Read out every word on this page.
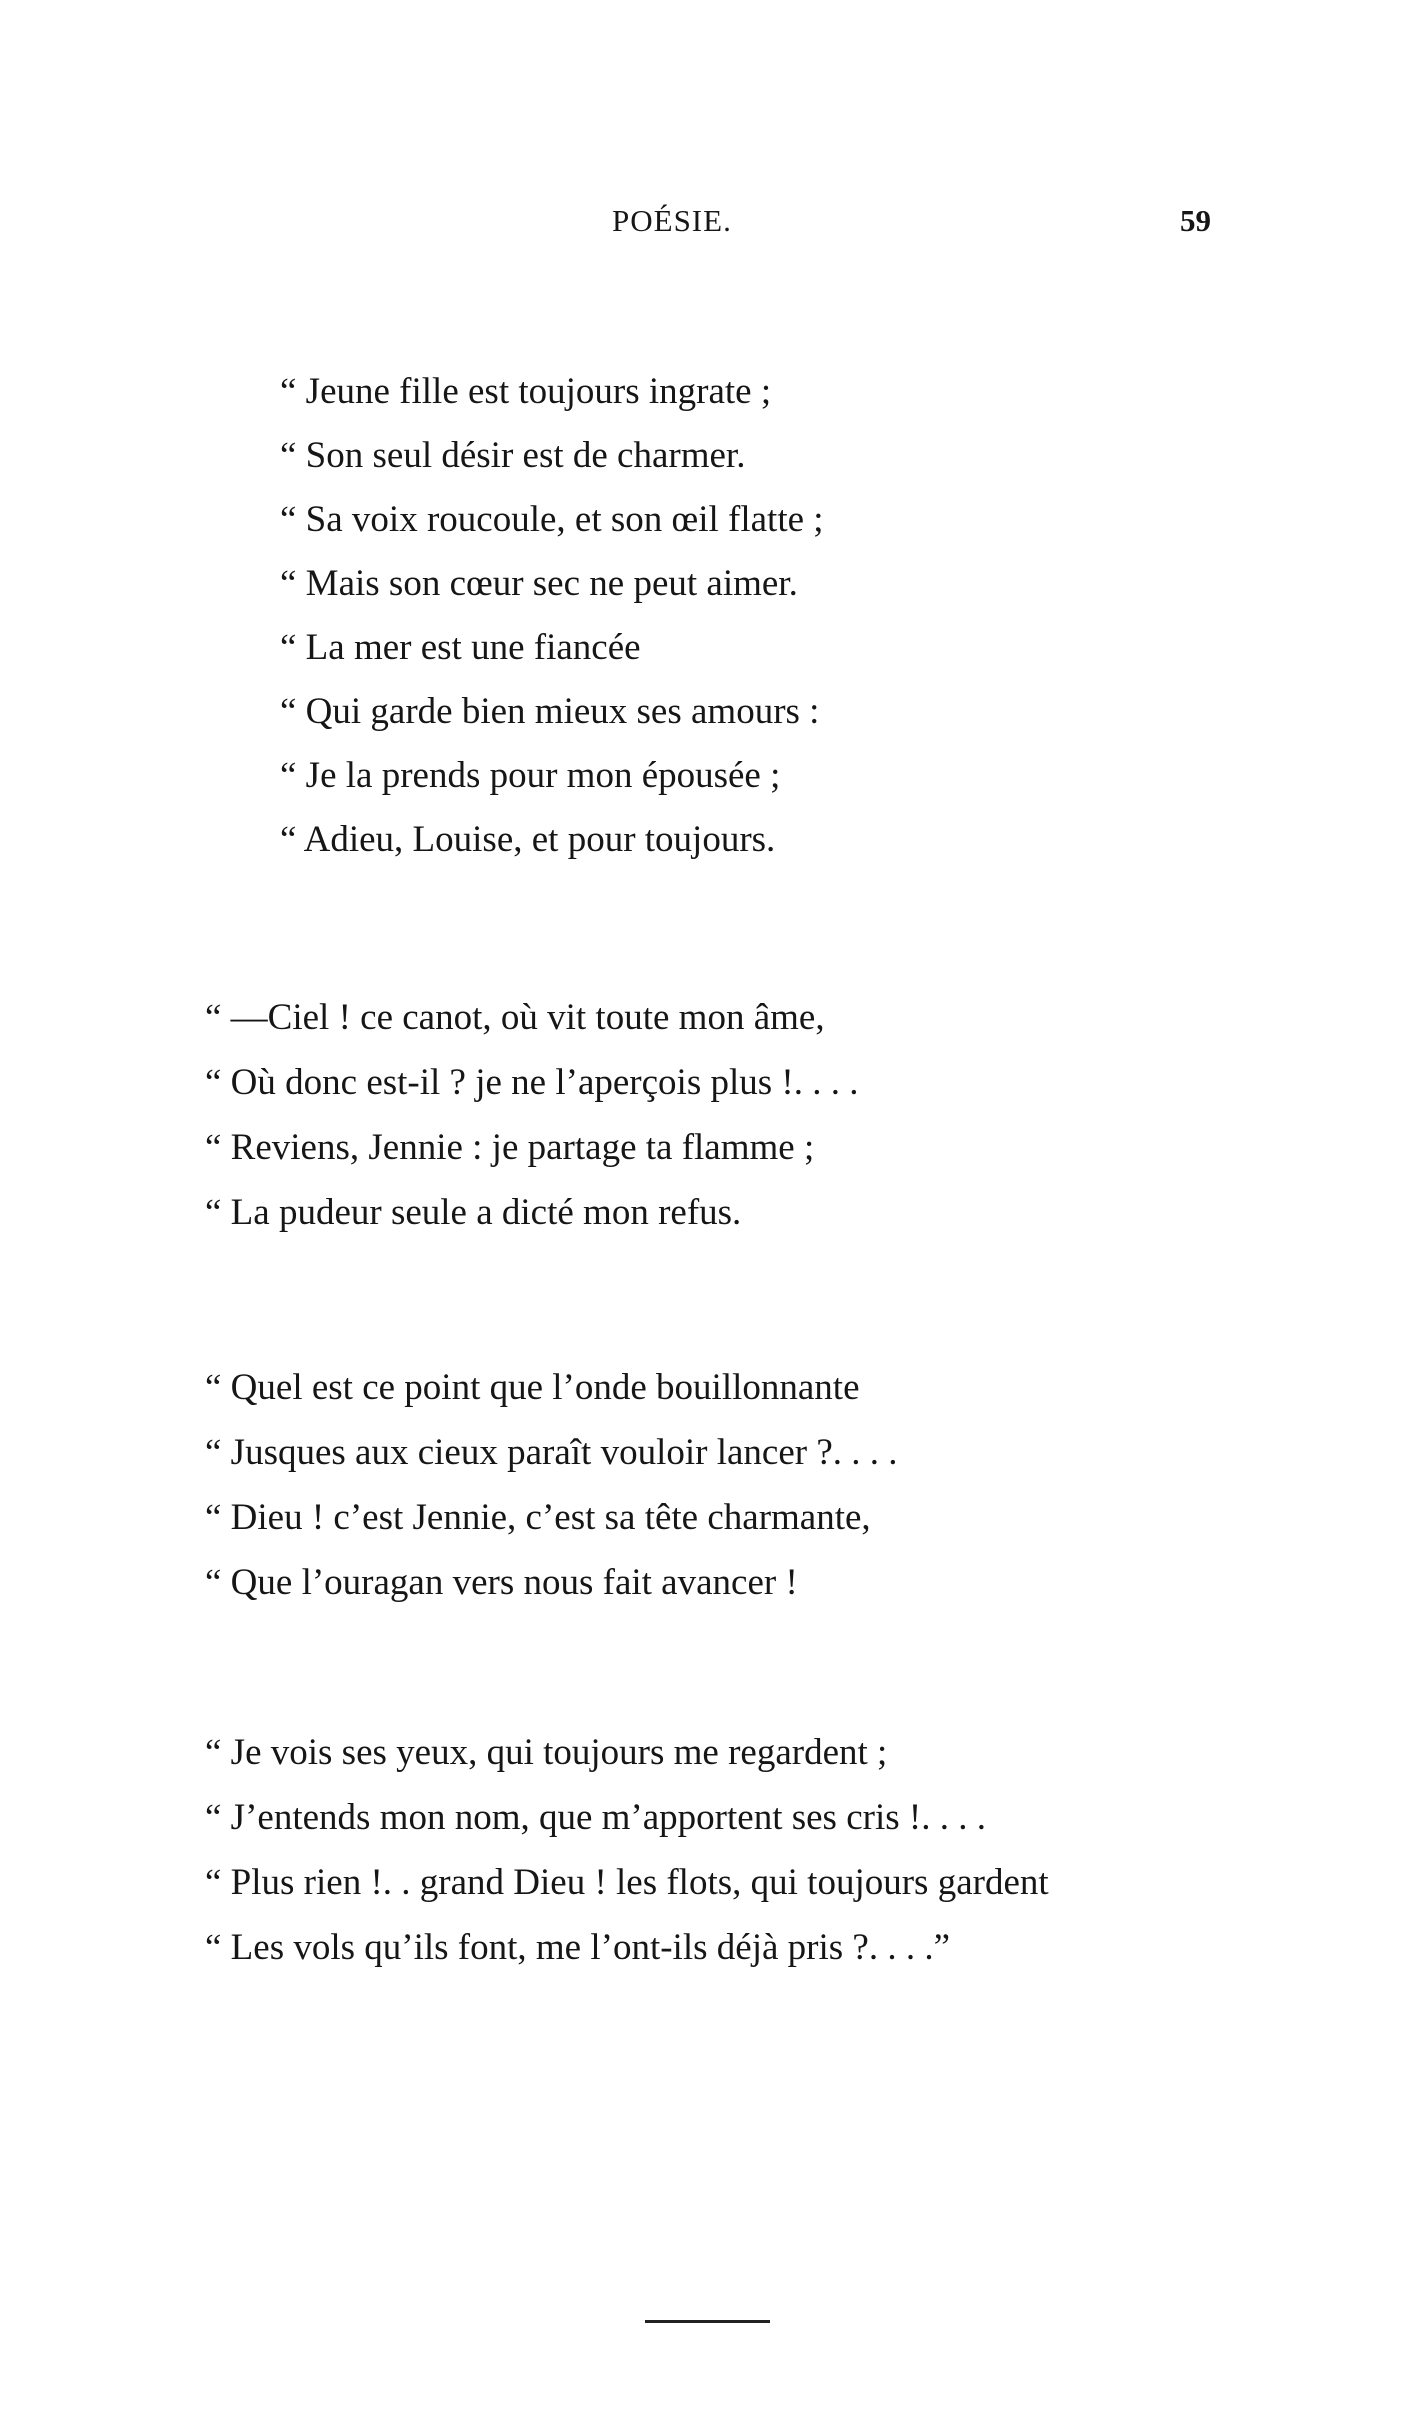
POÉSIE.	59
“ Jeune fille est toujours ingrate ;
“ Son seul désir est de charmer.
“ Sa voix roucoule, et son œil flatte ;
“ Mais son cœur sec ne peut aimer.
“ La mer est une fiancée
“ Qui garde bien mieux ses amours :
“ Je la prends pour mon épousée ;
“ Adieu, Louise, et pour toujours.
“ —Ciel ! ce canot, où vit toute mon âme,
“ Où donc est-il ? je ne l’aperçois plus !. . . .
“ Reviens, Jennie : je partage ta flamme ;
“ La pudeur seule a dicté mon refus.
“ Quel est ce point que l’onde bouillonnante
“ Jusques aux cieux paraît vouloir lancer ?. . . .
“ Dieu ! c’est Jennie, c’est sa tête charmante,
“ Que l’ouragan vers nous fait avancer !
“ Je vois ses yeux, qui toujours me regardent ;
“ J’entends mon nom, que m’apportent ses cris !. . . .
“ Plus rien !. . grand Dieu ! les flots, qui toujours gardent
“ Les vols qu’ils font, me l’ont-ils déjà pris ?. . . .”
